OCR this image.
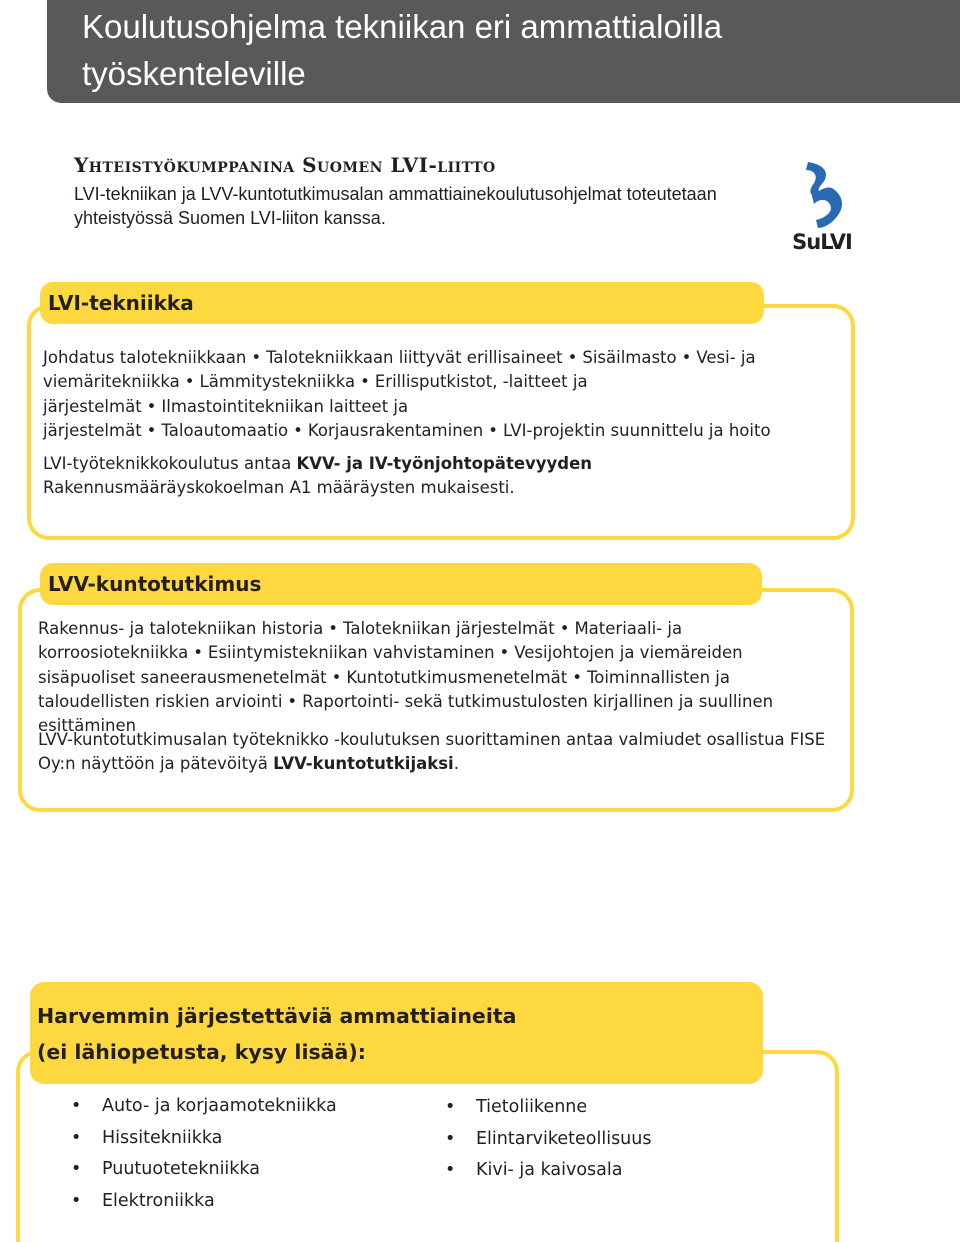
Koulutusohjelma tekniikan eri ammattialoilla
työskenteleville

Yhteistyökumppanina Suomen LVI-liitto

LVI-tekniikan ja LVV-kuntotutkimusalan ammattiainekoulutusohjelmat toteutetaan yhteistyössä Suomen LVI-liiton kanssa.

SuLVI
LVI-tekniikka

Johdatus talotekniikkaan • Talotekniikkaan liittyvät erillisaineet • Sisäilmasto • Vesi- ja viemäritekniikka • Lämmitystekniikka • Erillisputkistot, -laitteet ja järjestelmät • Ilmastointitekniikan laitteet ja järjestelmät • Taloautomaatio • Korjausrakentaminen • LVI-projektin suunnittelu ja hoito

LVI-työteknikkokoulutus antaa KVV- ja IV-työnjohtopätevyyden Rakennusmääräyskokoelman A1 määräysten mukaisesti.

LVV-kuntotutkimus

Rakennus- ja talotekniikan historia • Talotekniikan järjestelmät • Materiaali- ja korroosiotekniikka • Esiintymistekniikan vahvistaminen • Vesijohtojen ja viemäreiden sisäpuoliset saneerausmenetelmät • Kuntotutkimusmenetelmät • Toiminnallisten ja taloudellisten riskien arviointi • Raportointi- sekä tutkimustulosten kirjallinen ja suullinen esittäminen

LVV-kuntotutkimusalan työteknikko -koulutuksen suorittaminen antaa valmiudet osallistua FISE Oy:n näyttöön ja pätevöityä LVV-kuntotutkijaksi.

Harvemmin järjestettäviä ammattiaineita
(ei lähiopetusta, kysy lisää):
• Auto- ja korjaamotekniikka
• Hissitekniikka
• Puutuotetekniikka
• Elektroniikka
• Tietoliikenne
• Elintarviketeollisuus
• Kivi- ja kaivosala
